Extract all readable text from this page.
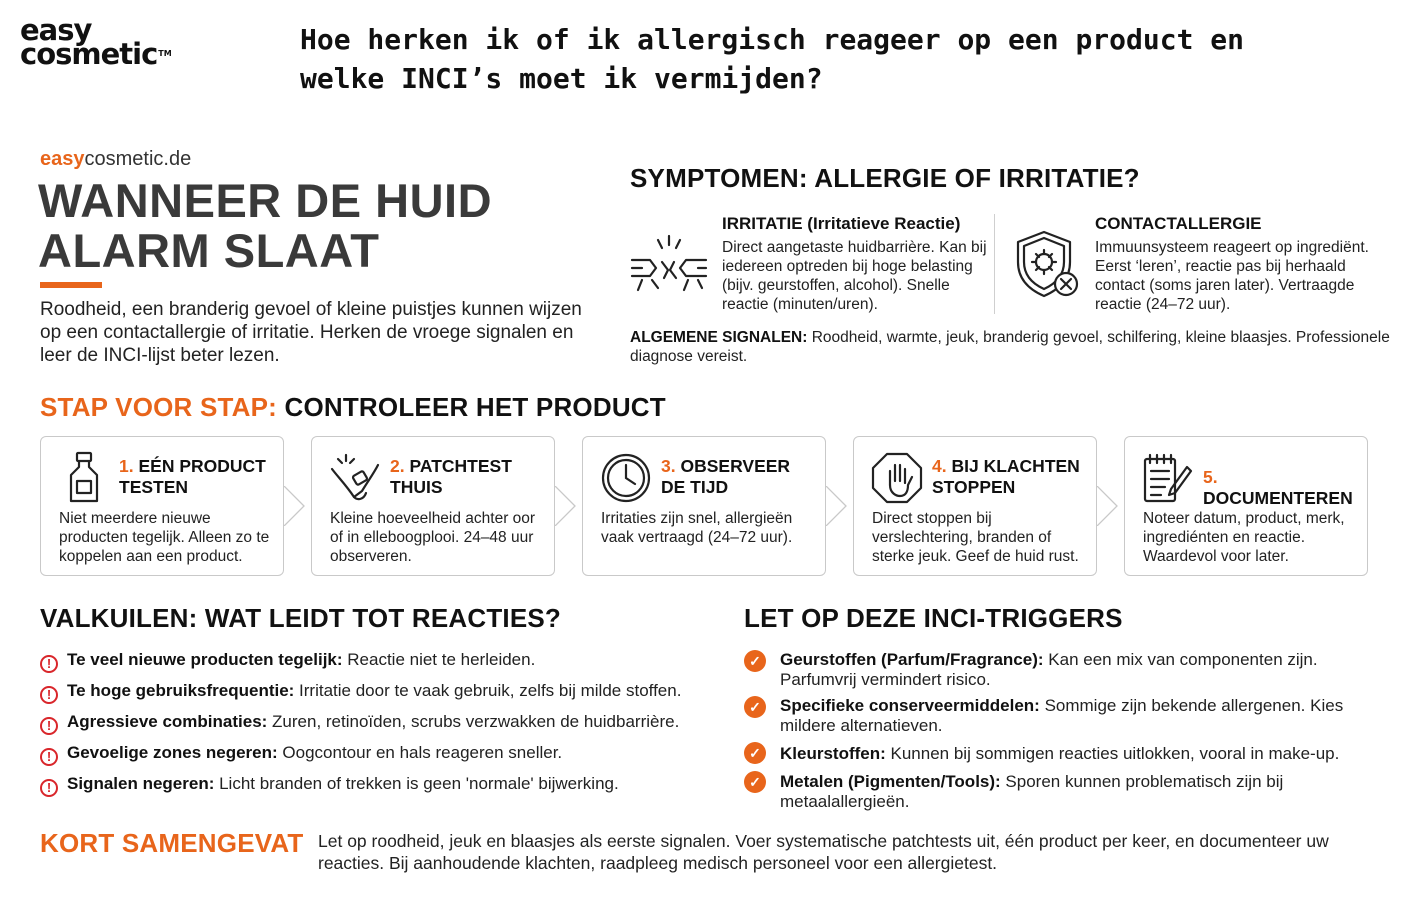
easy
cosmetic™	Hoe herken ik of ik allergisch reageer op een product en welke INCI’s moet ik vermijden?
easycosmetic.de
WANNEER DE HUID
ALARM SLAAT
Roodheid, een branderig gevoel of kleine puistjes kunnen wijzen op een contactallergie of irritatie. Herken de vroege signalen en leer de INCI-lijst beter lezen.
SYMPTOMEN: ALLERGIE OF IRRITATIE?
IRRITATIE (Irritatieve Reactie)

Direct aangetaste huidbarrière. Kan bij iedereen optreden bij hoge belasting (bijv. geurstoffen, alcohol). Snelle reactie (minuten/uren).

CONTACTALLERGIE

Immuunsysteem reageert op ingrediënt. Eerst ‘leren’, reactie pas bij herhaald contact (soms jaren later). Vertraagde reactie (24–72 uur).

ALGEMENE SIGNALEN: Roodheid, warmte, jeuk, branderig gevoel, schilfering, kleine blaasjes. Professionele diagnose vereist.
STAP VOOR STAP: CONTROLEER HET PRODUCT
1. EÉN PRODUCT
TESTEN
Niet meerdere nieuwe producten tegelijk. Alleen zo te koppelen aan een product.
2. PATCHTEST
THUIS
Kleine hoeveelheid achter oor of in elleboogplooi. 24–48 uur observeren.
3. OBSERVEER
DE TIJD
Irritaties zijn snel, allergieën vaak vertraagd (24–72 uur).
4. BIJ KLACHTEN
STOPPEN
Direct stoppen bij verslechtering, branden of sterke jeuk. Geef de huid rust.
5. DOCUMENTEREN
Noteer datum, product, merk, ingrediénten en reactie. Waardevol voor later.
VALKUILEN: WAT LEIDT TOT REACTIES?
! Te veel nieuwe producten tegelijk: Reactie niet te herleiden.
! Te hoge gebruiksfrequentie: Irritatie door te vaak gebruik, zelfs bij milde stoffen.
! Agressieve combinaties: Zuren, retinoïden, scrubs verzwakken de huidbarrière.
! Gevoelige zones negeren: Oogcontour en hals reageren sneller.
! Signalen negeren: Licht branden of trekken is geen 'normale' bijwerking.
LET OP DEZE INCI-TRIGGERS
✓	Geurstoffen (Parfum/Fragrance): Kan een mix van componenten zijn. Parfumvrij vermindert risico.
✓	Specifieke conserveermiddelen: Sommige zijn bekende allergenen. Kies mildere alternatieven.
✓	Kleurstoffen: Kunnen bij sommigen reacties uitlokken, vooral in make-up.
✓	Metalen (Pigmenten/Tools): Sporen kunnen problematisch zijn bij metaalallergieën.
KORT SAMENGEVAT Let op roodheid, jeuk en blaasjes als eerste signalen. Voer systematische patchtests uit, één product per keer, en documenteer uw reacties. Bij aanhoudende klachten, raadpleeg medisch personeel voor een allergietest.
